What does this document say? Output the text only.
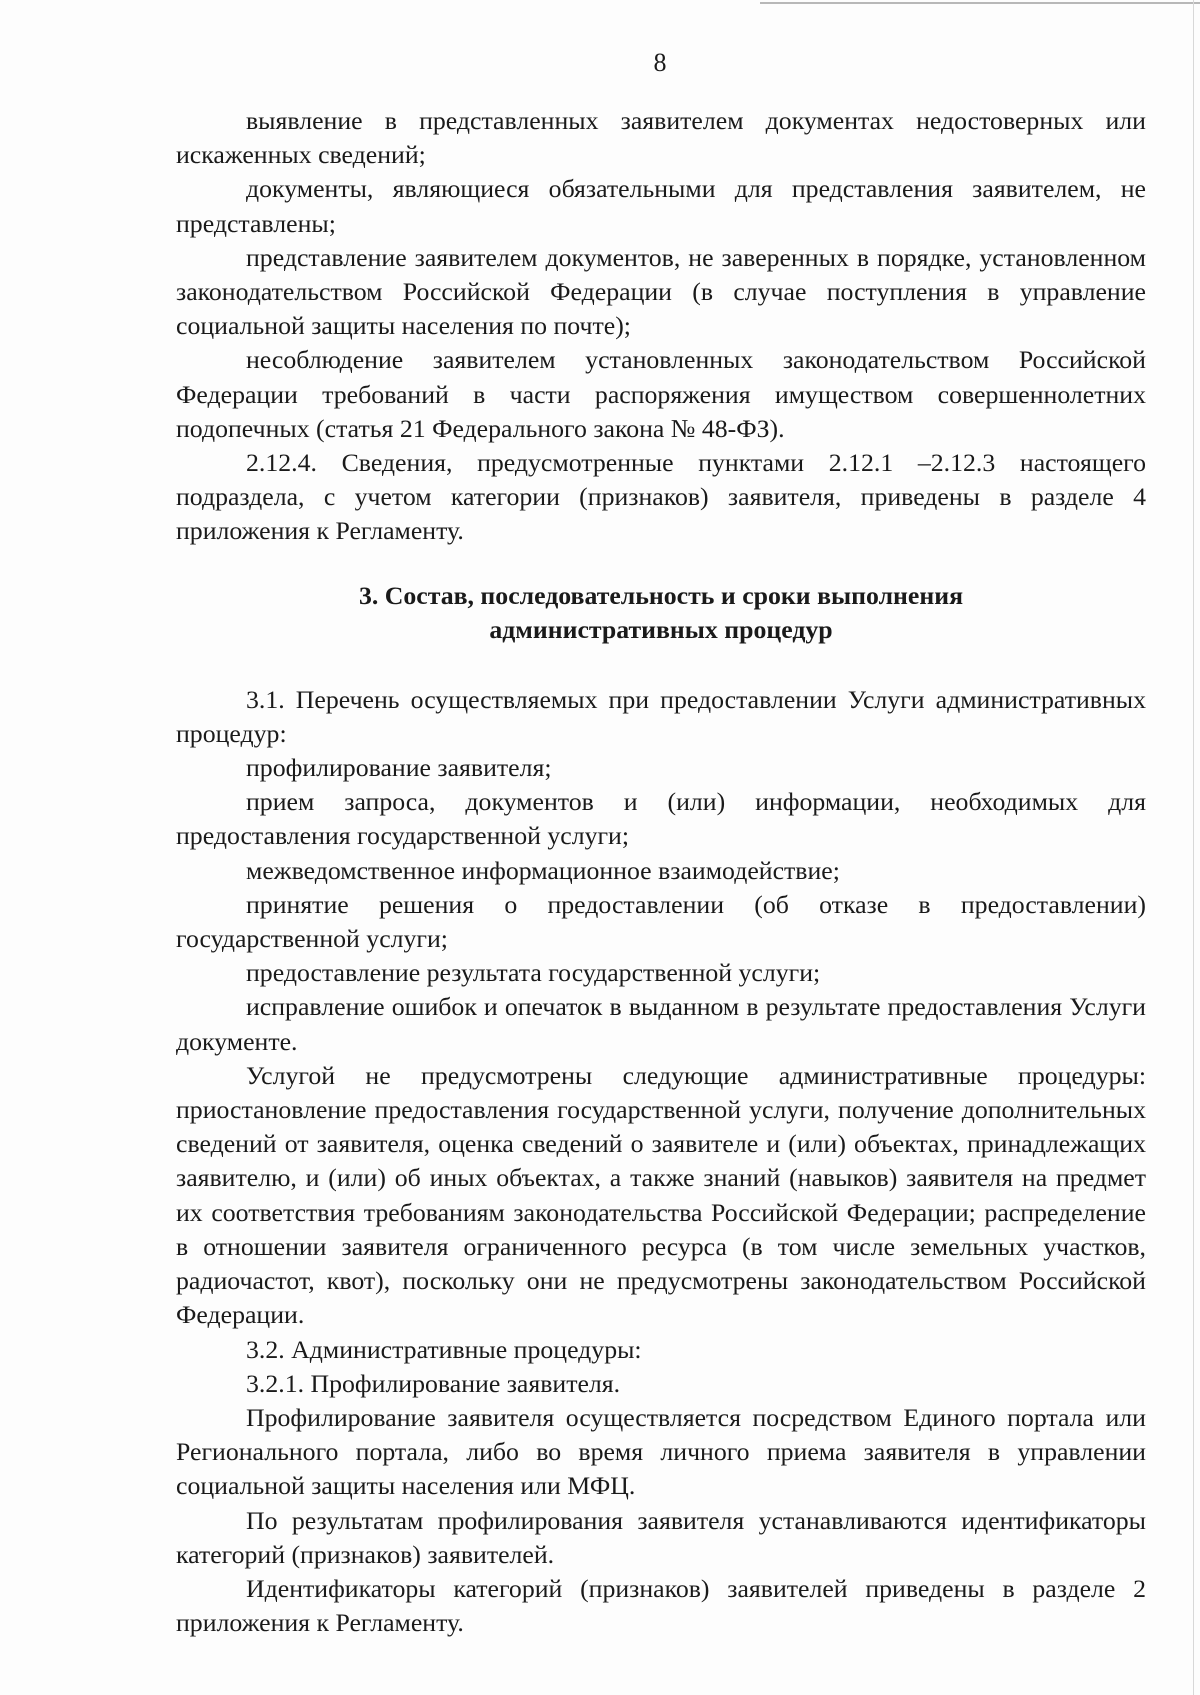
8

выявление в представленных заявителем документах недостоверных или искаженных сведений;

документы, являющиеся обязательными для представления заявителем, не представлены;

представление заявителем документов, не заверенных в порядке, установленном законодательством Российской Федерации (в случае поступления в управление социальной защиты населения по почте);

несоблюдение заявителем установленных законодательством Российской Федерации требований в части распоряжения имуществом совершеннолетних подопечных (статья 21 Федерального закона № 48-ФЗ).

2.12.4. Сведения, предусмотренные пунктами 2.12.1 –2.12.3 настоящего подраздела, с учетом категории (признаков) заявителя, приведены в разделе 4 приложения к Регламенту.

3. Состав, последовательность и сроки выполнения
административных процедур

3.1. Перечень осуществляемых при предоставлении Услуги административных процедур:

профилирование заявителя;

прием запроса, документов и (или) информации, необходимых для предоставления государственной услуги;

межведомственное информационное взаимодействие;

принятие решения о предоставлении (об отказе в предоставлении) государственной услуги;

предоставление результата государственной услуги;

исправление ошибок и опечаток в выданном в результате предоставления Услуги документе.

Услугой не предусмотрены следующие административные процедуры: приостановление предоставления государственной услуги, получение дополнительных сведений от заявителя, оценка сведений о заявителе и (или) объектах, принадлежащих заявителю, и (или) об иных объектах, а также знаний (навыков) заявителя на предмет их соответствия требованиям законодательства Российской Федерации; распределение в отношении заявителя ограниченного ресурса (в том числе земельных участков, радиочастот, квот), поскольку они не предусмотрены законодательством Российской Федерации.

3.2. Административные процедуры:

3.2.1. Профилирование заявителя.

Профилирование заявителя осуществляется посредством Единого портала или Регионального портала, либо во время личного приема заявителя в управлении социальной защиты населения или МФЦ.

По результатам профилирования заявителя устанавливаются идентификаторы категорий (признаков) заявителей.

Идентификаторы категорий (признаков) заявителей приведены в разделе 2 приложения к Регламенту.
